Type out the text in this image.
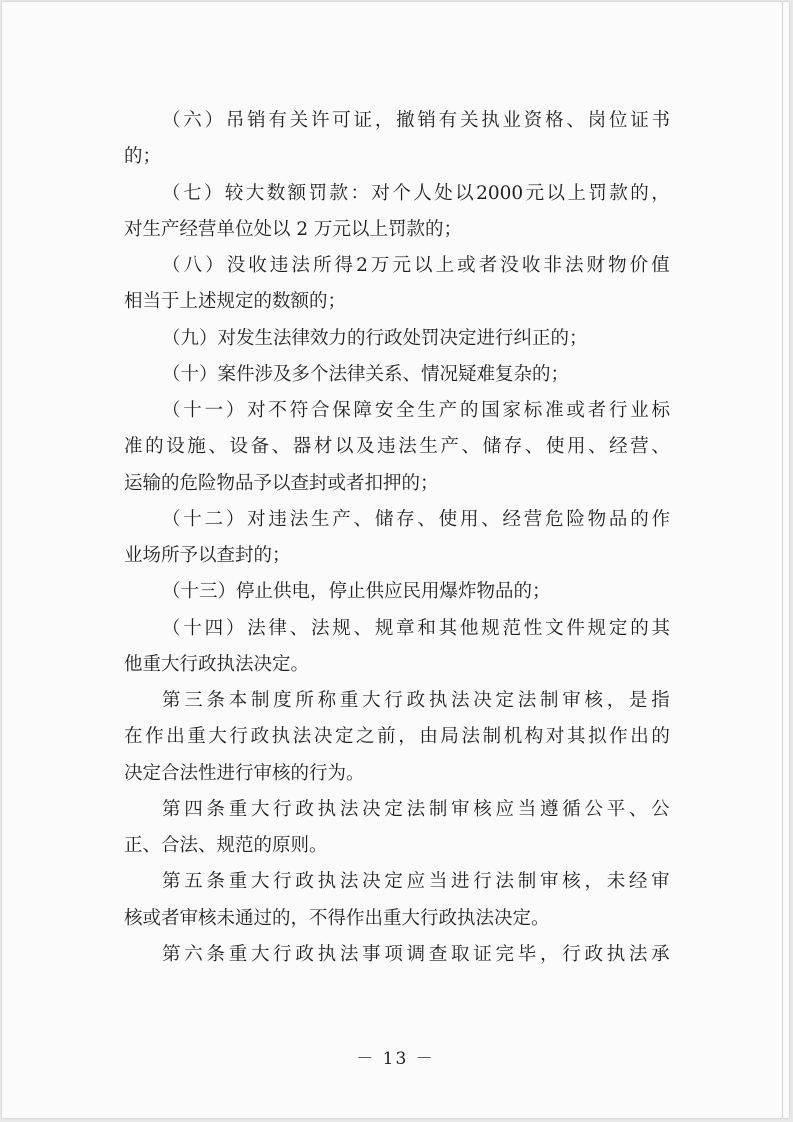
（ 六 ） 吊 销 有 关 许 可 证 ， 撤 销 有 关 执 业 资 格 、 岗 位 证 书
的；
（ 七 ） 较 大 数 额 罚 款 ： 对 个 人 处 以 2000 元 以 上 罚 款 的 ，
对生产经营单位处以 2 万元以上罚款的；
（ 八 ） 没 收 违 法 所 得 2 万 元 以 上 或 者 没 收 非 法 财 物 价 值
相当于上述规定的数额的；
（九）对发生法律效力的行政处罚决定进行纠正的；
（十）案件涉及多个法律关系、情况疑难复杂的；
（ 十 一 ） 对 不 符 合 保 障 安 全 生 产 的 国 家 标 准 或 者 行 业 标
准 的 设 施 、 设 备 、 器 材 以 及 违 法 生 产 、 储 存 、 使 用 、 经 营 、
运输的危险物品予以查封或者扣押的；
（ 十 二 ） 对 违 法 生 产 、 储 存 、 使 用 、 经 营 危 险 物 品 的 作
业场所予以查封的；
（十三）停止供电，停止供应民用爆炸物品的；
（ 十 四 ） 法 律 、 法 规 、 规 章 和 其 他 规 范 性 文 件 规 定 的 其
他重大行政执法决定。
第 三 条 本 制 度 所 称 重 大 行 政 执 法 决 定 法 制 审 核 ， 是 指
在 作 出 重 大 行 政 执 法 决 定 之 前 ， 由 局 法 制 机 构 对 其 拟 作 出 的
决定合法性进行审核的行为。
第 四 条 重 大 行 政 执 法 决 定 法 制 审 核 应 当 遵 循 公 平 、 公
正、合法、规范的原则。
第 五 条 重 大 行 政 执 法 决 定 应 当 进 行 法 制 审 核 ， 未 经 审
核或者审核未通过的，不得作出重大行政执法决定。
第 六 条 重 大 行 政 执 法 事 项 调 查 取 证 完 毕 ， 行 政 执 法 承
－ 13 －
